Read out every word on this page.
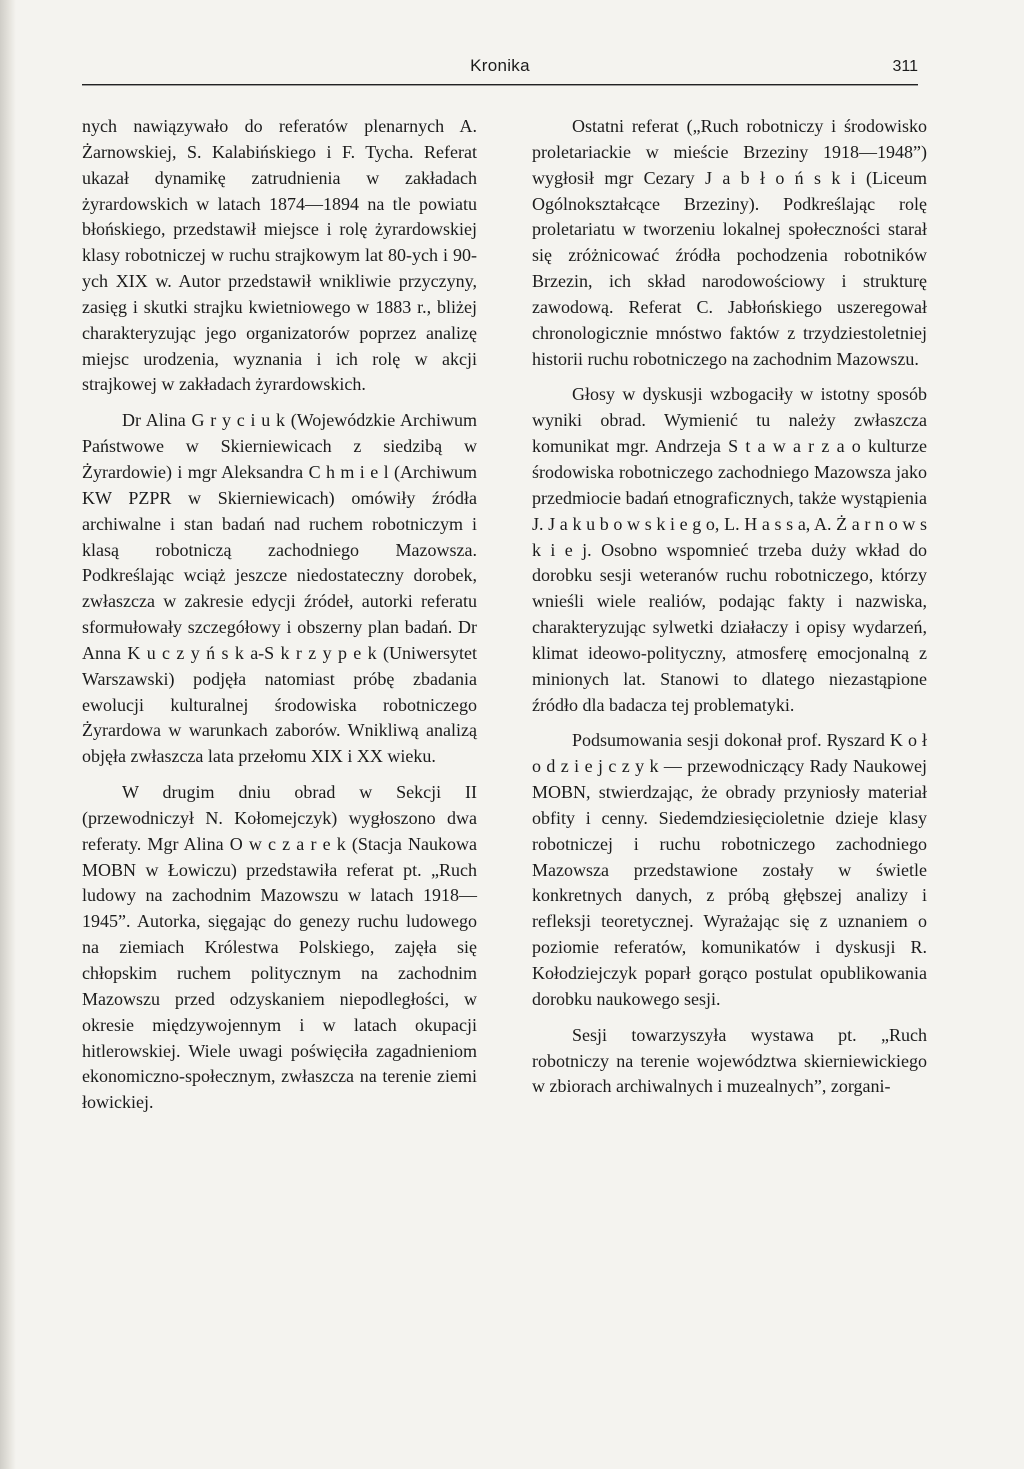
Kronika	311

nych nawiązywało do referatów plenarnych A. Żarnowskiej, S. Kalabińskiego i F. Tycha. Referat ukazał dynamikę zatrudnienia w zakładach żyrardowskich w latach 1874—1894 na tle powiatu błońskiego, przedstawił miejsce i rolę żyrardowskiej klasy robotniczej w ruchu strajkowym lat 80-ych i 90-ych XIX w. Autor przedstawił wnikliwie przyczyny, zasięg i skutki strajku kwietniowego w 1883 r., bliżej charakteryzując jego organizatorów poprzez analizę miejsc urodzenia, wyznania i ich rolę w akcji strajkowej w zakładach żyrardowskich.

Dr Alina G r y c i u k (Wojewódzkie Archiwum Państwowe w Skierniewicach z siedzibą w Żyrardowie) i mgr Aleksandra C h m i e l (Archiwum KW PZPR w Skierniewicach) omówiły źródła archiwalne i stan badań nad ruchem robotniczym i klasą robotniczą zachodniego Mazowsza. Podkreślając wciąż jeszcze niedostateczny dorobek, zwłaszcza w zakresie edycji źródeł, autorki referatu sformułowały szczegółowy i obszerny plan badań. Dr Anna K u c z y ń s k a-S k r z y p e k (Uniwersytet Warszawski) podjęła natomiast próbę zbadania ewolucji kulturalnej środowiska robotniczego Żyrardowa w warunkach zaborów. Wnikliwą analizą objęła zwłaszcza lata przełomu XIX i XX wieku.

W drugim dniu obrad w Sekcji II (przewodniczył N. Kołomejczyk) wygłoszono dwa referaty. Mgr Alina O w c z a r e k (Stacja Naukowa MOBN w Łowiczu) przedstawiła referat pt. „Ruch ludowy na zachodnim Mazowszu w latach 1918—1945”. Autorka, sięgając do genezy ruchu ludowego na ziemiach Królestwa Polskiego, zajęła się chłopskim ruchem politycznym na zachodnim Mazowszu przed odzyskaniem niepodległości, w okresie międzywojennym i w latach okupacji hitlerowskiej. Wiele uwagi poświęciła zagadnieniom ekonomiczno-społecznym, zwłaszcza na terenie ziemi łowickiej.

Ostatni referat („Ruch robotniczy i środowisko proletariackie w mieście Brzeziny 1918—1948”) wygłosił mgr Cezary J a b ł o ń s k i (Liceum Ogólnokształcące Brzeziny). Podkreślając rolę proletariatu w tworzeniu lokalnej społeczności starał się zróżnicować źródła pochodzenia robotników Brzezin, ich skład narodowościowy i strukturę zawodową. Referat C. Jabłońskiego uszeregował chronologicznie mnóstwo faktów z trzydziestoletniej historii ruchu robotniczego na zachodnim Mazowszu.

Głosy w dyskusji wzbogaciły w istotny sposób wyniki obrad. Wymienić tu należy zwłaszcza komunikat mgr. Andrzeja S t a w a r z a o kulturze środowiska robotniczego zachodniego Mazowsza jako przedmiocie badań etnograficznych, także wystąpienia J. J a k u b o w s k i e g o, L. H a s s a, A. Ż a r n o w s k i e j. Osobno wspomnieć trzeba duży wkład do dorobku sesji weteranów ruchu robotniczego, którzy wnieśli wiele realiów, podając fakty i nazwiska, charakteryzując sylwetki działaczy i opisy wydarzeń, klimat ideowo-polityczny, atmosferę emocjonalną z minionych lat. Stanowi to dlatego niezastąpione źródło dla badacza tej problematyki.

Podsumowania sesji dokonał prof. Ryszard K o ł o d z i e j c z y k — przewodniczący Rady Naukowej MOBN, stwierdzając, że obrady przyniosły materiał obfity i cenny. Siedemdziesięcioletnie dzieje klasy robotniczej i ruchu robotniczego zachodniego Mazowsza przedstawione zostały w świetle konkretnych danych, z próbą głębszej analizy i refleksji teoretycznej. Wyrażając się z uznaniem o poziomie referatów, komunikatów i dyskusji R. Kołodziejczyk poparł gorąco postulat opublikowania dorobku naukowego sesji.

Sesji towarzyszyła wystawa pt. „Ruch robotniczy na terenie województwa skierniewickiego w zbiorach archiwalnych i muzealnych”, zorgani-
